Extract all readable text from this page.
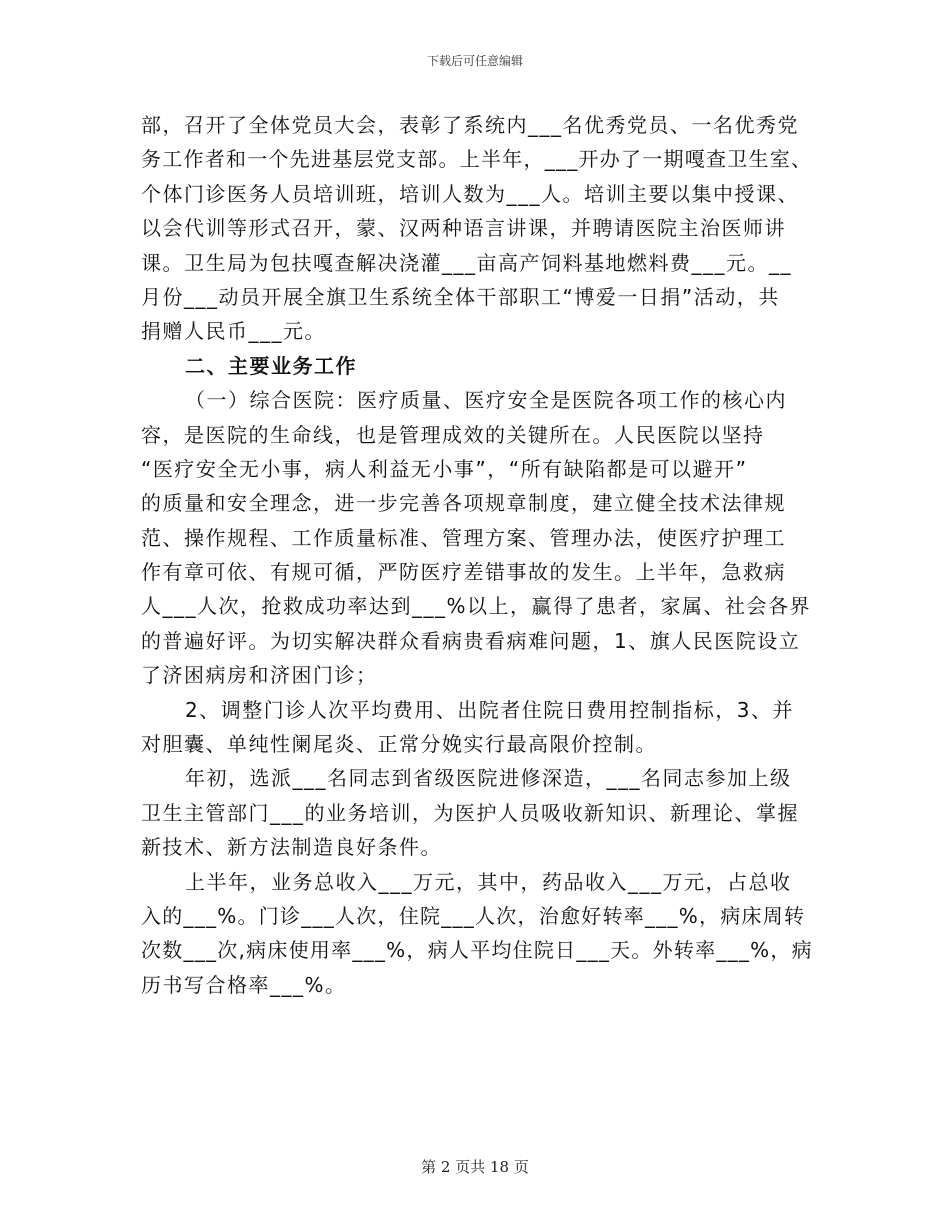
下载后可任意编辑
部，召开了全体党员大会，表彰了系统内___名优秀党员、一名优秀党
务工作者和一个先进基层党支部。上半年，___开办了一期嘎查卫生室、
个体门诊医务人员培训班，培训人数为___人。培训主要以集中授课、
以会代训等形式召开，蒙、汉两种语言讲课，并聘请医院主治医师讲
课。卫生局为包扶嘎查解决浇灌___亩高产饲料基地燃料费___元。__
月份___动员开展全旗卫生系统全体干部职工“博爱一日捐”活动，共
捐赠人民币___元。
二、主要业务工作
（一）综合医院：医疗质量、医疗安全是医院各项工作的核心内
容，是医院的生命线，也是管理成效的关键所在。人民医院以坚持
“医疗安全无小事，病人利益无小事”，“所有缺陷都是可以避开”
的质量和安全理念，进一步完善各项规章制度，建立健全技术法律规
范、操作规程、工作质量标准、管理方案、管理办法，使医疗护理工
作有章可依、有规可循，严防医疗差错事故的发生。上半年，急救病
人___人次，抢救成功率达到___%以上，赢得了患者，家属、社会各界
的普遍好评。为切实解决群众看病贵看病难问题，1、旗人民医院设立
了济困病房和济困门诊；
2、调整门诊人次平均费用、出院者住院日费用控制指标，3、并
对胆囊、单纯性阑尾炎、正常分娩实行最高限价控制。
年初，选派___名同志到省级医院进修深造，___名同志参加上级
卫生主管部门___的业务培训，为医护人员吸收新知识、新理论、掌握
新技术、新方法制造良好条件。
上半年，业务总收入___万元，其中，药品收入___万元，占总收
入的___%。门诊___人次，住院___人次，治愈好转率___%，病床周转
次数___次,病床使用率___%，病人平均住院日___天。外转率___%，病
历书写合格率___%。
第 2 页共 18 页
